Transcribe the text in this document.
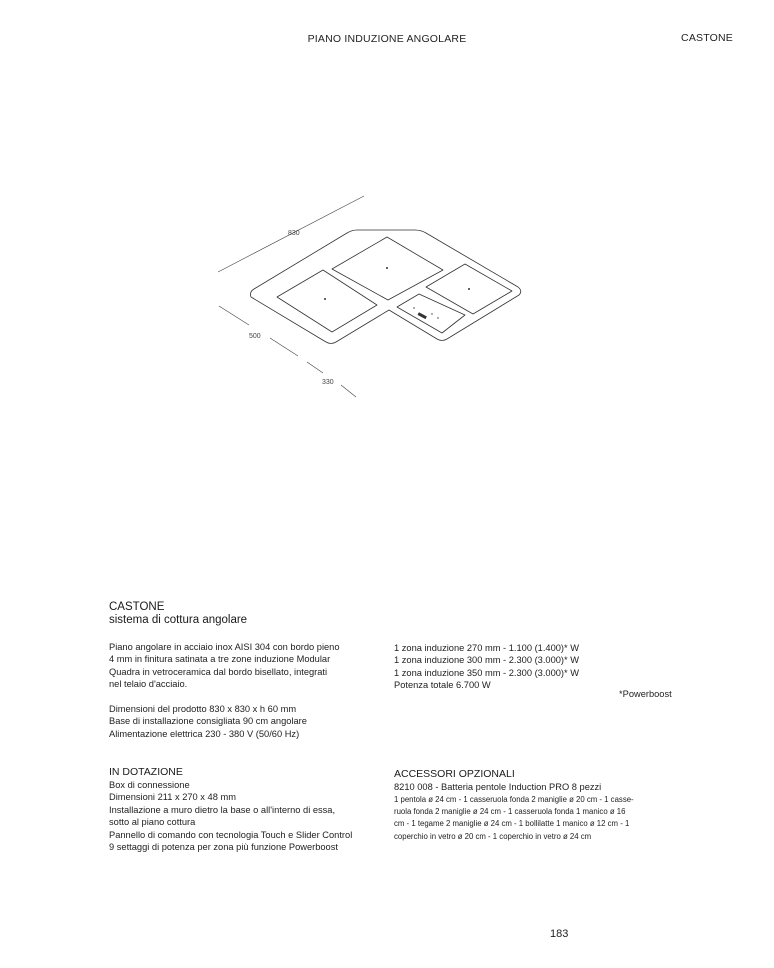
PIANO INDUZIONE ANGOLARE	CASTONE
830
500
330
CASTONE
sistema di cottura angolare
Piano angolare in acciaio inox AISI 304 con bordo pieno
4 mm in finitura satinata a tre zone induzione Modular
Quadra in vetroceramica dal bordo bisellato, integrati
nel telaio d'acciaio.
Dimensioni del prodotto 830 x 830 x h 60 mm
Base di installazione consigliata 90 cm angolare
Alimentazione elettrica 230 - 380 V (50/60 Hz)
1 zona induzione 270 mm - 1.100 (1.400)* W
1 zona induzione 300 mm - 2.300 (3.000)* W
1 zona induzione 350 mm - 2.300 (3.000)* W
Potenza totale 6.700 W
*Powerboost
IN DOTAZIONE
Box di connessione
Dimensioni 211 x 270 x 48 mm
Installazione a muro dietro la base o all'interno di essa,
sotto al piano cottura
Pannello di comando con tecnologia Touch e Slider Control
9 settaggi di potenza per zona più funzione Powerboost
ACCESSORI OPZIONALI
8210 008 - Batteria pentole Induction PRO 8 pezzi
1 pentola ø 24 cm - 1 casseruola fonda 2 maniglie ø 20 cm - 1 casse-
ruola fonda 2 maniglie ø 24 cm - 1 casseruola fonda 1 manico ø 16
cm - 1 tegame 2 maniglie ø 24 cm - 1 bollilatte 1 manico ø 12 cm - 1
coperchio in vetro ø 20 cm - 1 coperchio in vetro ø 24 cm
183
